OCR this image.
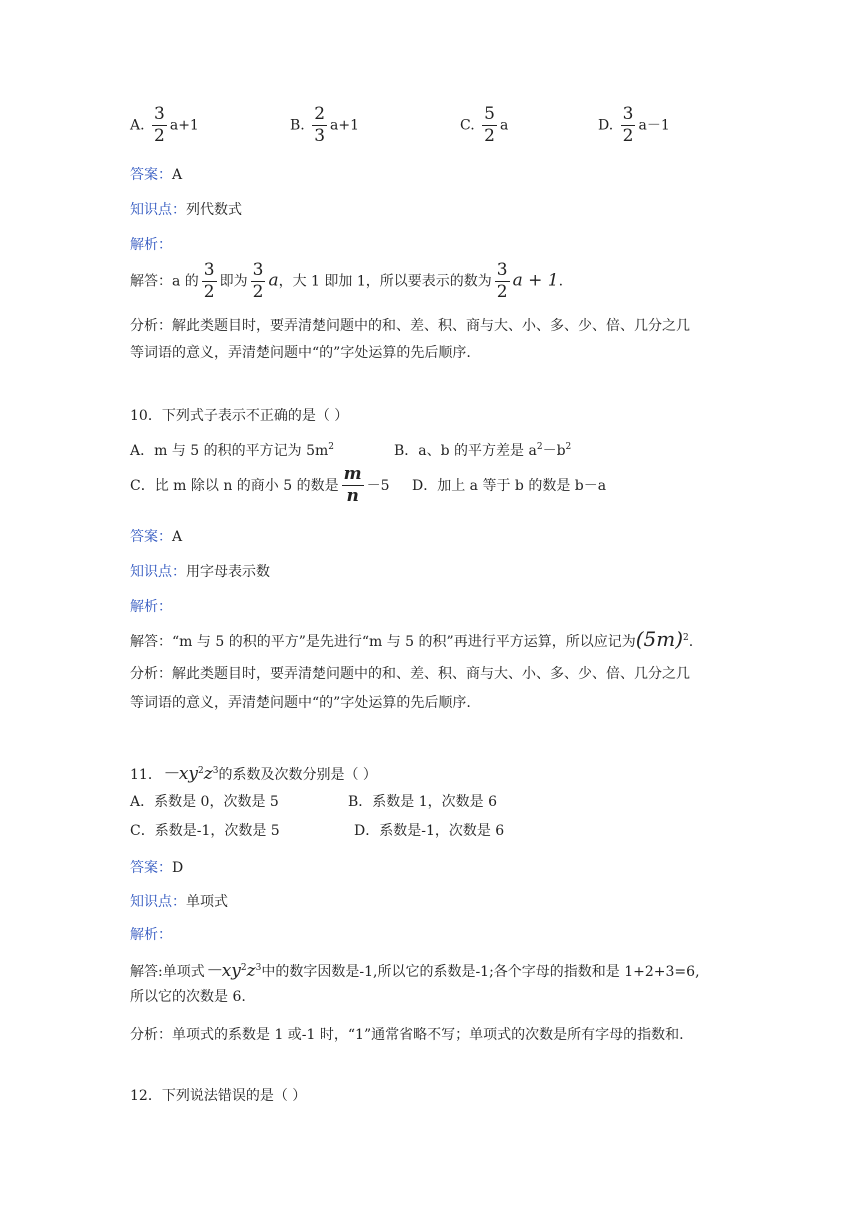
A. $\frac{3}{2} a+1$	B. $\frac{2}{3} a+1$	C. $\frac{5}{2}$ a	D. $\frac{3}{2} a-1$
答案：A
知识点：列代数式
解析：
解答：a 的 $\frac{3}{2}$ 即为 $\frac{3}{2}$ a，大 1 即加 1，所以要表示的数为 $\frac{3}{2}$ a + 1.
分析：解此类题目时，要弄清楚问题中的和、差、积、商与大、小、多、少、倍、几分之几
等词语的意义，弄清楚问题中“的”字处运算的先后顺序.
10．下列式子表示不正确的是（ ）
A．m 与 5 的积的平方记为 $5m^2$	B．a、b 的平方差是 $a^2-b^2$
C．比 m 除以 n 的商小 5 的数是 $\frac{m}{n} -5$ D．加上 a 等于 b 的数是 b－a
答案：A
知识点：用字母表示数
解析：
解答：“m 与 5 的积的平方”是先进行“m 与 5 的积”再进行平方运算，所以应记为$(5m)^2$.
分析：解此类题目时，要弄清楚问题中的和、差、积、商与大、小、多、少、倍、几分之几
等词语的意义，弄清楚问题中“的”字处运算的先后顺序.
11．$-xy^2z^3$的系数及次数分别是（ ）
A．系数是 0，次数是 5	B．系数是 1，次数是 6
C．系数是-1，次数是 5	D．系数是-1，次数是 6
答案：D
知识点：单项式
解析：
解答:单项式$-xy^2z^3$中的数字因数是-1,所以它的系数是-1;各个字母的指数和是 1+2+3=6,
所以它的次数是 6.
分析：单项式的系数是 1 或-1 时，“1”通常省略不写；单项式的次数是所有字母的指数和.
12．下列说法错误的是（ ）
